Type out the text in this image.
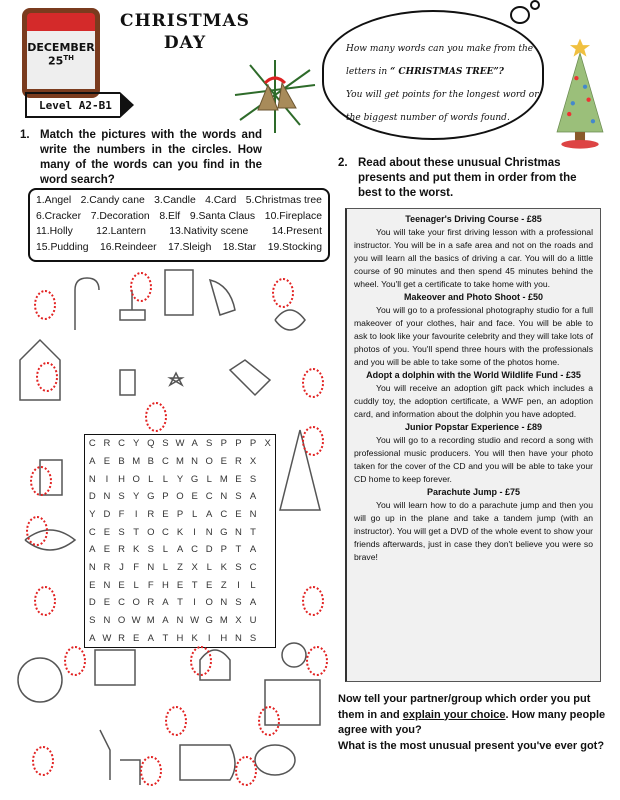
DECEMBER
25TH
CHRISTMAS
DAY
Level A2-B1
1. Match the pictures with the words and write the numbers in the circles. How many of the words can you find in the word search?
1.Angel 2.Candy cane 3.Candle 4.Card 5.Christmas tree
6.Cracker 7.Decoration 8.Elf 9.Santa Claus 10.Fireplace
11.Holly 12.Lantern 13.Nativity scene 14.Present
15.Pudding 16.Reindeer 17.Sleigh 18.Star 19.Stocking
How many words can you make from the
letters in “ CHRISTMAS TREE”?
You will get points for the longest word or
the biggest number of words found.
2. Read about these unusual Christmas presents and put them in order from the best to the worst.
Teenager's Driving Course - £85

You will take your first driving lesson with a professional instructor. You will be in a safe area and not on the roads and you will learn all the basics of driving a car. You will do a little course of 90 minutes and then spend 45 minutes behind the wheel. You'll get a certificate to take home with you.

Makeover and Photo Shoot - £50

You will go to a professional photography studio for a full makeover of your clothes, hair and face. You will be able to ask to look like your favourite celebrity and they will take lots of photos of you. You'll spend three hours with the professionals and you will be able to take some of the photos home.

Adopt a dolphin with the World Wildlife Fund - £35

You will receive an adoption gift pack which includes a cuddly toy, the adoption certificate, a WWF pen, an adoption card, and information about the dolphin you have adopted.

Junior Popstar Experience - £89

You will go to a recording studio and record a song with professional music producers. You will then have your photo taken for the cover of the CD and you will be able to take your CD home to keep forever.

Parachute Jump - £75

You will learn how to do a parachute jump and then you will go up in the plane and take a tandem jump (with an instructor). You will get a DVD of the whole event to show your friends afterwards, just in case they don't believe you were so brave!

Now tell your partner/group which order you put them in and explain your choice. How many people agree with you?
What is the most unusual present you've ever got?
C R C Y Q S W A S P P P X
A E B M B C M N O E R X
N	I	H O L L Y G L M E S
D N S Y G P O E C N S A
Y D F	I	R E P L A C E N
C E S T O C K	I	N G N T
A E R K S L A C D P T A
N R J F N L Z X L K S C
E N E L F H E T E Z	I	L
D E C O R A T	I	O N S A
S N O W M A N W G M X U
A W R E A T H K	I	H N S
